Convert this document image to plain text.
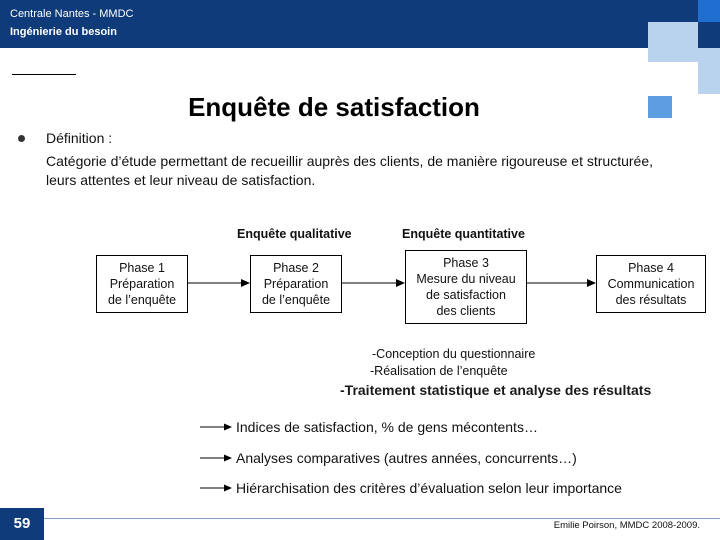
Centrale Nantes - MMDC
Ingénierie du besoin
Enquête de satisfaction
Définition :
Catégorie d’étude permettant de recueillir auprès des clients, de manière rigoureuse et structurée, leurs attentes et leur niveau de satisfaction.
Enquête qualitative	Enquête quantitative
Phase 1
Préparation
de l’enquête
Phase 2
Préparation
de l’enquête
Phase 3
Mesure du niveau
de satisfaction
des clients
Phase 4
Communication
des résultats
-Conception du questionnaire
-Réalisation de l’enquête
-Traitement statistique et analyse des résultats
Indices de satisfaction, % de gens mécontents…
Analyses comparatives (autres années, concurrents…)
Hiérarchisation des critères d’évaluation selon leur importance
59	Emilie Poirson, MMDC 2008-2009.
